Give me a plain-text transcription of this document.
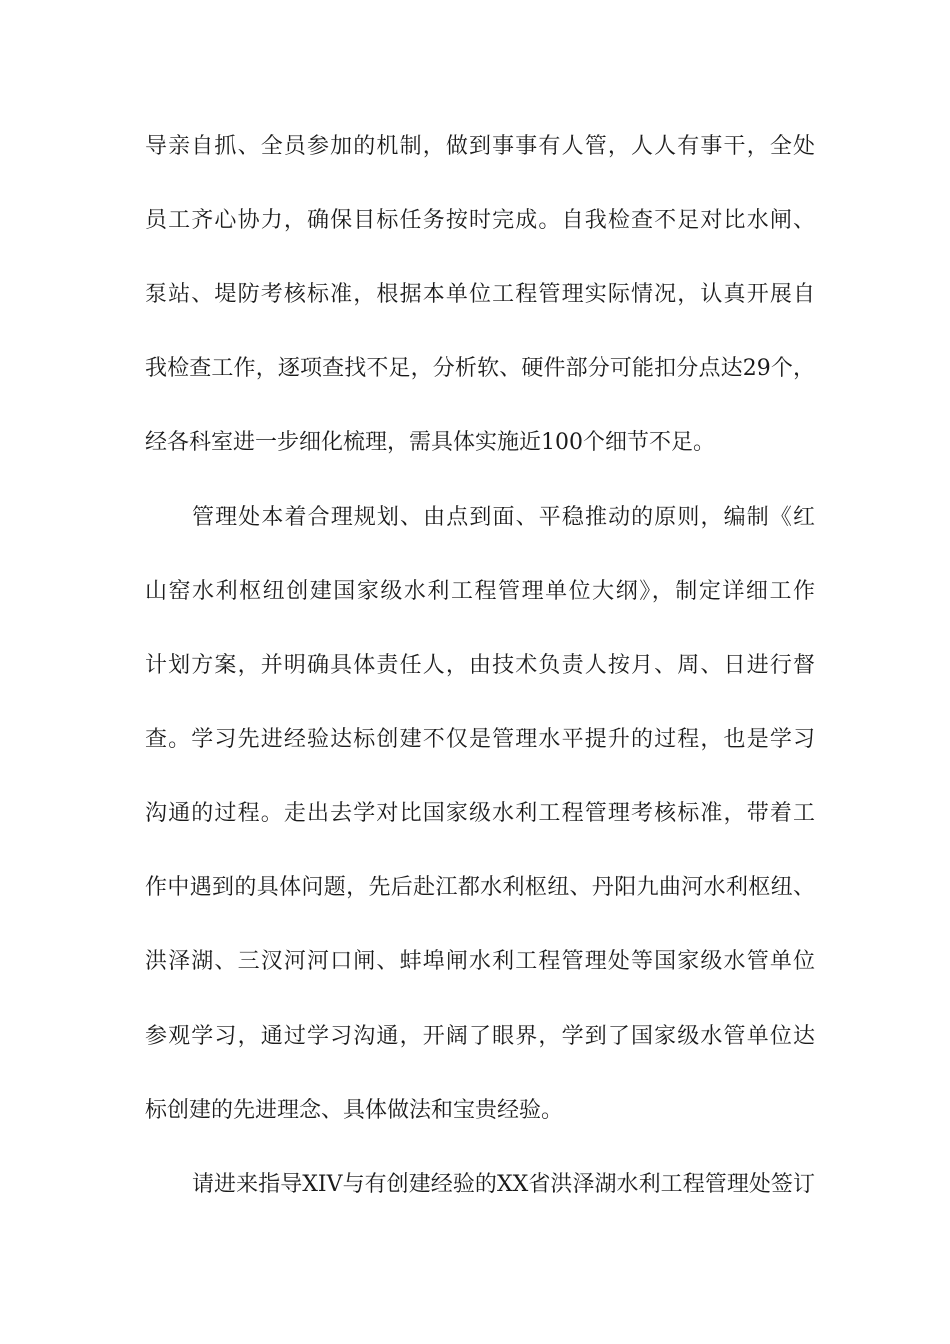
导亲自抓、全员参加的机制，做到事事有人管，人人有事干，全处
员工齐心协力，确保目标任务按时完成。自我检查不足对比水闸、
泵站、堤防考核标准，根据本单位工程管理实际情况，认真开展自
我检查工作，逐项查找不足，分析软、硬件部分可能扣分点达29个，
经各科室进一步细化梳理，需具体实施近100个细节不足。
管理处本着合理规划、由点到面、平稳推动的原则，编制《红
山窑水利枢纽创建国家级水利工程管理单位大纲》，制定详细工作
计划方案，并明确具体责任人，由技术负责人按月、周、日进行督
查。学习先进经验达标创建不仅是管理水平提升的过程，也是学习
沟通的过程。走出去学对比国家级水利工程管理考核标准，带着工
作中遇到的具体问题，先后赴江都水利枢纽、丹阳九曲河水利枢纽、
洪泽湖、三汊河河口闸、蚌埠闸水利工程管理处等国家级水管单位
参观学习，通过学习沟通，开阔了眼界，学到了国家级水管单位达
标创建的先进理念、具体做法和宝贵经验。
请进来指导XIV与有创建经验的XX省洪泽湖水利工程管理处签订
